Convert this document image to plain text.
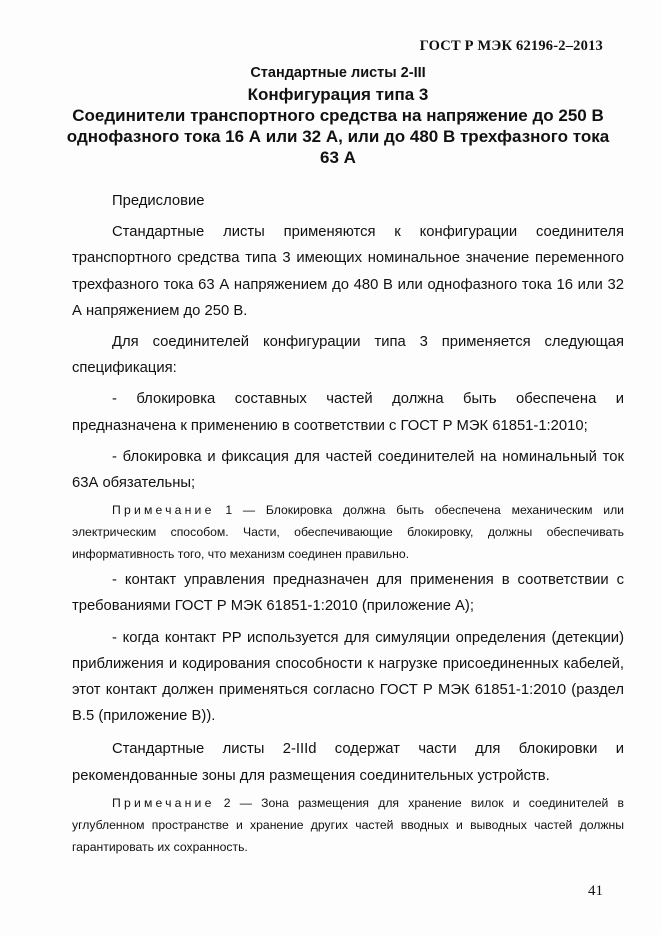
ГОСТ Р МЭК 62196-2–2013
Стандартные листы 2-III
Конфигурация типа 3
Соединители транспортного средства на напряжение до 250 В однофазного тока 16 А или 32 А, или до 480 В трехфазного тока 63 А

Предисловие

Стандартные листы применяются к конфигурации соединителя транспортного средства типа 3 имеющих номинальное значение переменного трехфазного тока 63 А напряжением до 480 В или однофазного тока 16 или 32 А напряжением до 250 В.

Для соединителей конфигурации типа 3 применяется следующая спецификация:

- блокировка составных частей должна быть обеспечена и предназначена к применению в соответствии с ГОСТ Р МЭК 61851-1:2010;

- блокировка и фиксация для частей соединителей на номинальный ток 63А обязательны;

Примечание 1 — Блокировка должна быть обеспечена механическим или электрическим способом. Части, обеспечивающие блокировку, должны обеспечивать информативность того, что механизм соединен правильно.

- контакт управления предназначен для применения в соответствии с требованиями ГОСТ Р МЭК 61851-1:2010 (приложение А);

- когда контакт PP используется для симуляции определения (детекции) приближения и кодирования способности к нагрузке присоединенных кабелей, этот контакт должен применяться согласно ГОСТ Р МЭК 61851-1:2010 (раздел В.5 (приложение В)).

Стандартные листы 2-IIId содержат части для блокировки и рекомендованные зоны для размещения соединительных устройств.

Примечание 2 — Зона размещения для хранение вилок и соединителей в углубленном пространстве и хранение других частей вводных и выводных частей должны гарантировать их сохранность.

41
